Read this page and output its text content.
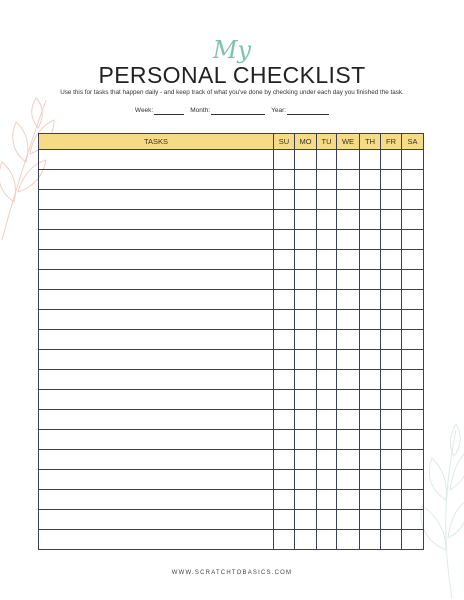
My
PERSONAL CHECKLIST
Use this for tasks that happen daily - and keep track of what you've done by checking under each day you finished the task.
Week:	Month:	Year:
TASKS	SU	MO	TU	WE	TH	FR	SA

WWW.SCRATCHTOBASICS.COM
